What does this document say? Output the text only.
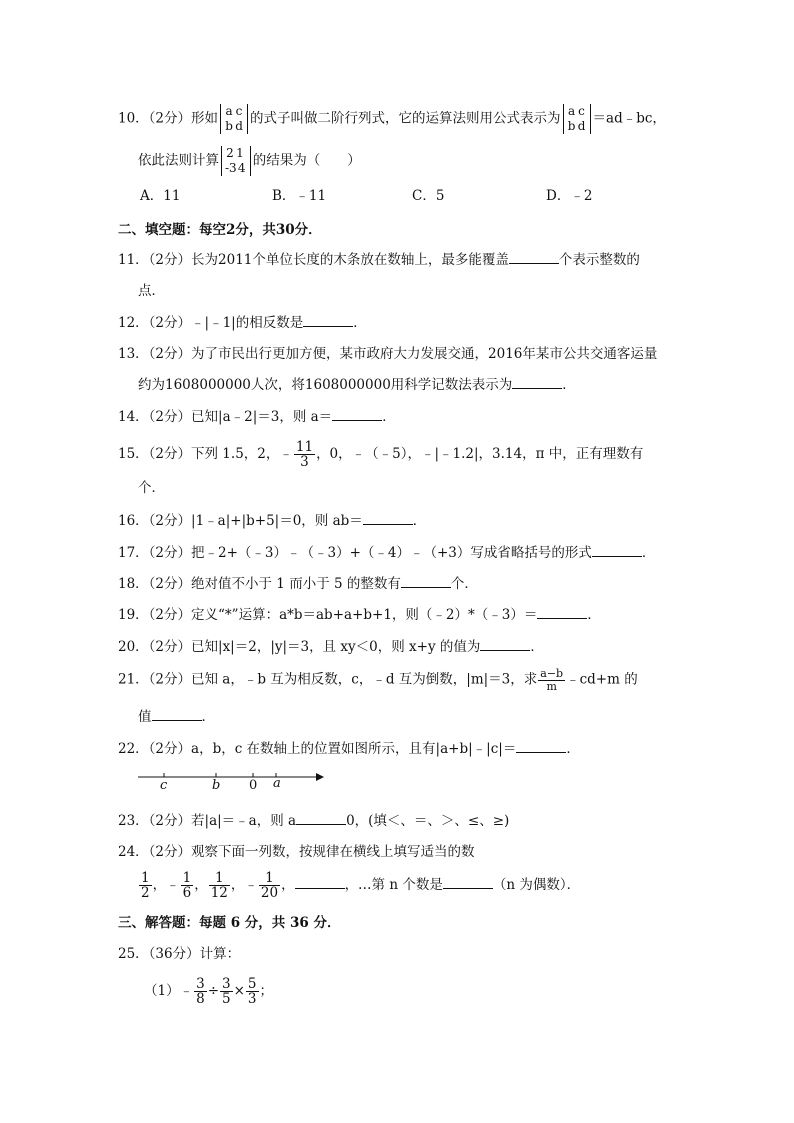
10．（2分）形如 a c
b d 的式子叫做二阶行列式，它的运算法则用公式表示为 a c
b d ＝ad﹣bc，
依此法则计算 2 1
-34 的结果为（　　）
A．11	B．﹣11	C．5	D．﹣2
二、填空题：每空2分，共30分．
11．（2分）长为2011个单位长度的木条放在数轴上，最多能覆盖	个表示整数的
点．
12．（2分）﹣|﹣1|的相反数是	．
13．（2分）为了市民出行更加方便，某市政府大力发展交通，2016年某市公共交通客运量
约为1608000000人次，将1608000000用科学记数法表示为	．
14．（2分）已知|a﹣2|＝3，则 a＝	．
15．（2分）下列 1.5，2，﹣ $\frac{11}{3}$ ，0，﹣（﹣5），﹣|﹣1.2|，3.14，π 中，正有理数有
个．
16．（2分）|1﹣a|+|b+5|＝0，则 ab＝	．
17．（2分）把﹣2+（﹣3）﹣（﹣3）+（﹣4）﹣（+3）写成省略括号的形式	．
18．（2分）绝对值不小于 1 而小于 5 的整数有	个．
19．（2分）定义“*”运算：a*b＝ab+a+b+1，则（﹣2）*（﹣3）＝	．
20．（2分）已知|x|＝2，|y|＝3，且 xy＜0，则 x+y 的值为	．
21．（2分）已知 a，﹣b 互为相反数，c，﹣d 互为倒数，|m|＝3，求 $\frac{a-b}{m}$ ﹣cd+m 的
值	．
22．（2分）a，b，c 在数轴上的位置如图所示，且有|a+b|﹣|c|＝	．
c	b 0 a
23．（2分）若|a|＝﹣a，则 a	0，(填＜、＝、＞、≤、≥)
24．（2分）观察下面一列数，按规律在横线上填写适当的数
$\frac{1}{2}$ ，﹣ $\frac{1}{6}$ ， $\frac{1}{12}$ ，﹣ $\frac{1}{20}$ ，	，…第 n 个数是	（n 为偶数）．
三、解答题：每题 6 分，共 36 分．
25．（36分）计算：
（1）﹣ $\frac{3}{8} \div \frac{3}{5} \times \frac{5}{3}$ ；
